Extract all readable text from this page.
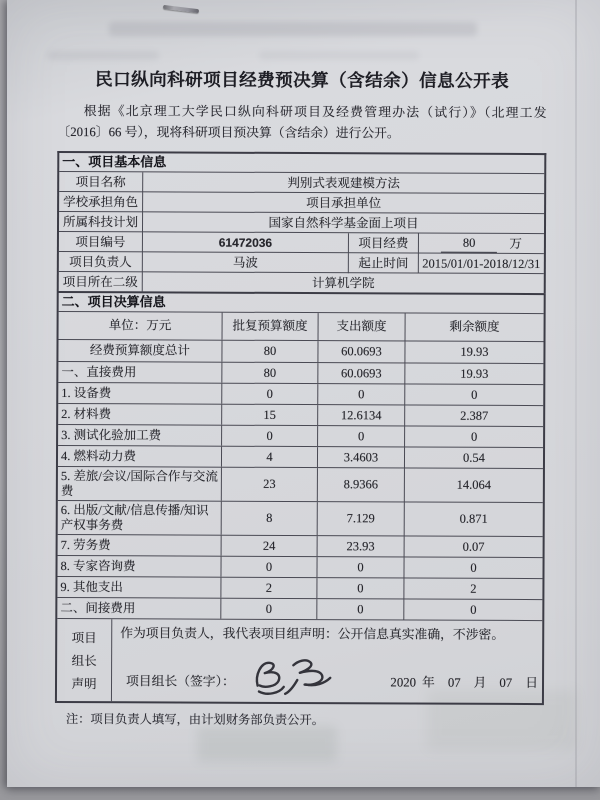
民口纵向科研项目经费预决算（含结余）信息公开表

根据《北京理工大学民口纵向科研项目及经费管理办法（试行）》（北理工发〔2016〕66 号），现将科研项目预决算（含结余）进行公开。

一、项目基本信息
项目名称	判别式表观建模方法
学校承担角色	项目承担单位
所属科技计划	国家自然科学基金面上项目
项目编号	61472036	项目经费	80	万
项目负责人	马波	起止时间	2015/01/01-2018/12/31
项目所在二级	计算机学院
二、项目决算信息
单位：万元	批复预算额度	支出额度	剩余额度
经费预算额度总计	80	60.0693	19.93
一、直接费用	80	60.0693	19.93
1. 设备费	0	0	0
2. 材料费	15	12.6134	2.387
3. 测试化验加工费	0	0	0
4. 燃料动力费	4	3.4603	0.54
5. 差旅/会议/国际合作与交流费	23	8.9366	14.064
6. 出版/文献/信息传播/知识产权事务费	8	7.129	0.871
7. 劳务费	24	23.93	0.07
8. 专家咨询费	0	0	0
9. 其他支出	2	0	2
二、间接费用	0	0	0
项目
组长
声明
作为项目负责人，我代表项目组声明：公开信息真实准确，不涉密。
项目组长（签字）：	2020 年 07 月 07 日
注：项目负责人填写，由计划财务部负责公开。
